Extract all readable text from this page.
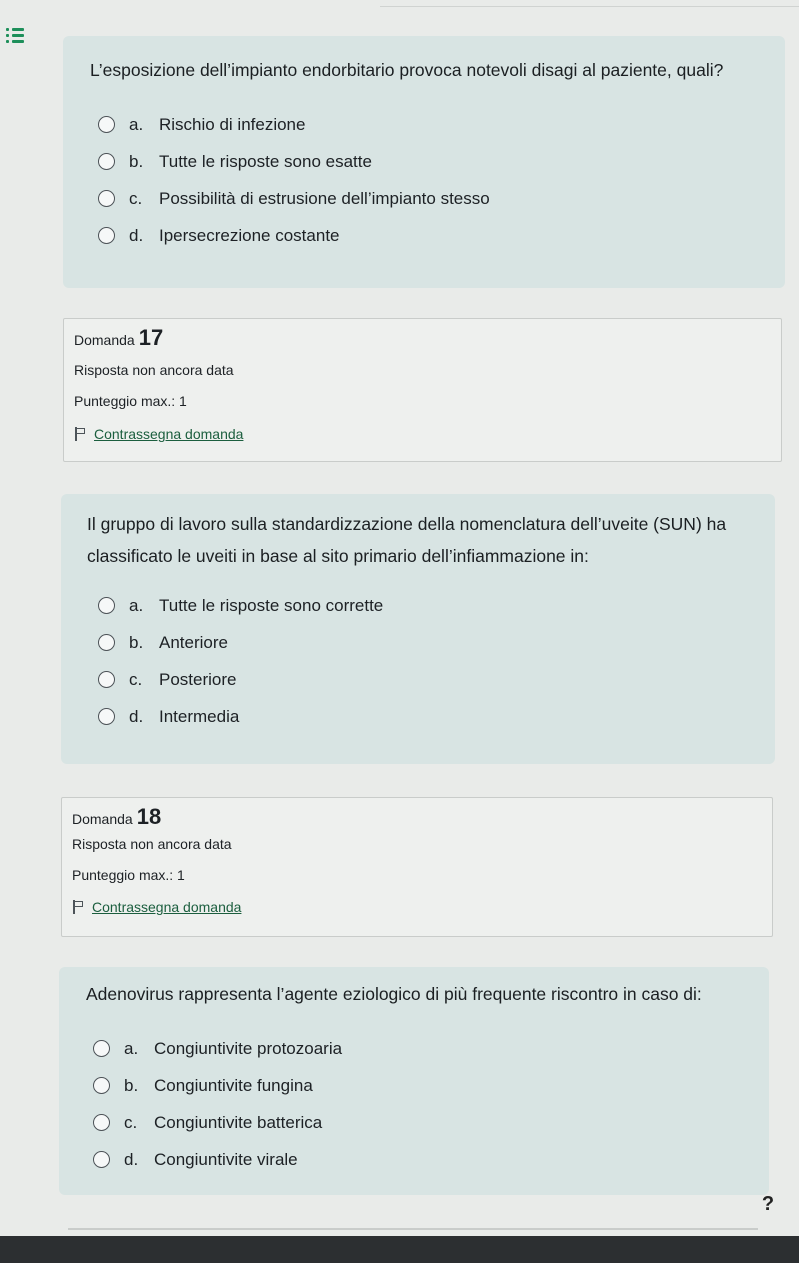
L’esposizione dell’impianto endorbitario provoca notevoli disagi al paziente, quali?
a. Rischio di infezione
b. Tutte le risposte sono esatte
c. Possibilità di estrusione dell’impianto stesso
d. Ipersecrezione costante
Domanda 17
Risposta non ancora data
Punteggio max.: 1
Contrassegna domanda
Il gruppo di lavoro sulla standardizzazione della nomenclatura dell’uveite (SUN) ha classificato le uveiti in base al sito primario dell’infiammazione in:
a. Tutte le risposte sono corrette
b. Anteriore
c. Posteriore
d. Intermedia
Domanda 18
Risposta non ancora data
Punteggio max.: 1
Contrassegna domanda
Adenovirus rappresenta l’agente eziologico di più frequente riscontro in caso di:
a. Congiuntivite protozoaria
b. Congiuntivite fungina
c. Congiuntivite batterica
d. Congiuntivite virale
?
